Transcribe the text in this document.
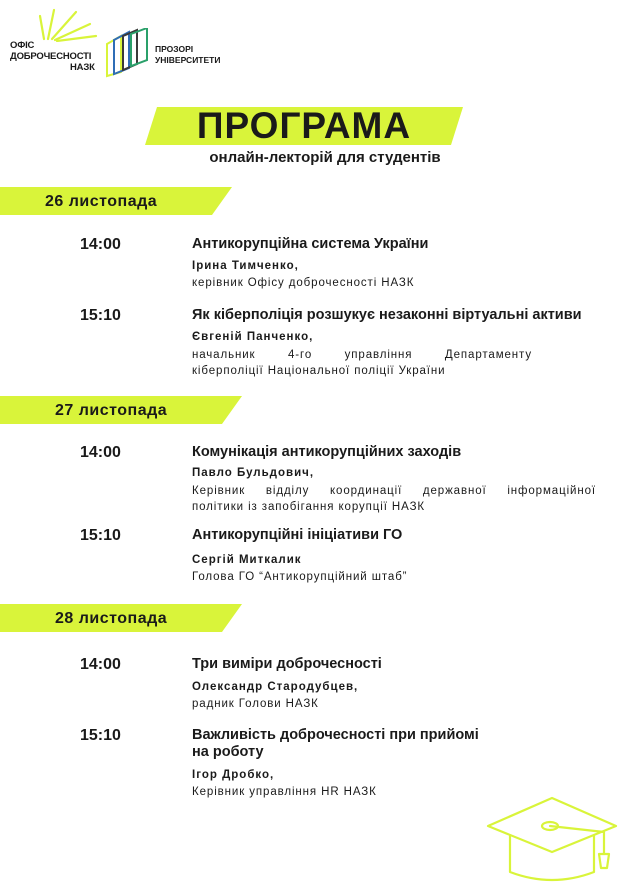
ОФІС
ДОБРОЧЕСНОСТІ
НАЗК
ПРОЗОРІ
УНІВЕРСИТЕТИ
ПРОГРАМА
онлайн-лекторій для студентів
26 листопада
14:00	Антикорупційна система України
Ірина Тимченко,
керівник Офісу доброчесності НАЗК
15:10	Як кіберполіція розшукує незаконні віртуальні активи
Євгеній Панченко,
начальник 4-го управління Департаменту
кіберполіції Національної поліції України
27 листопада
14:00	Комунікація антикорупційних заходів
Павло Бульдович,
Керівник відділу координації державної інформаційної
політики із запобігання корупції НАЗК
15:10	Антикорупційні ініціативи ГО
Сергій Миткалик
Голова ГО “Антикорупційний штаб”
28 листопада
14:00	Три виміри доброчесності
Олександр Стародубцев,
радник Голови НАЗК
15:10	Важливість доброчесності при прийомі
на роботу
Ігор Дробко,
Керівник управління HR НАЗК
